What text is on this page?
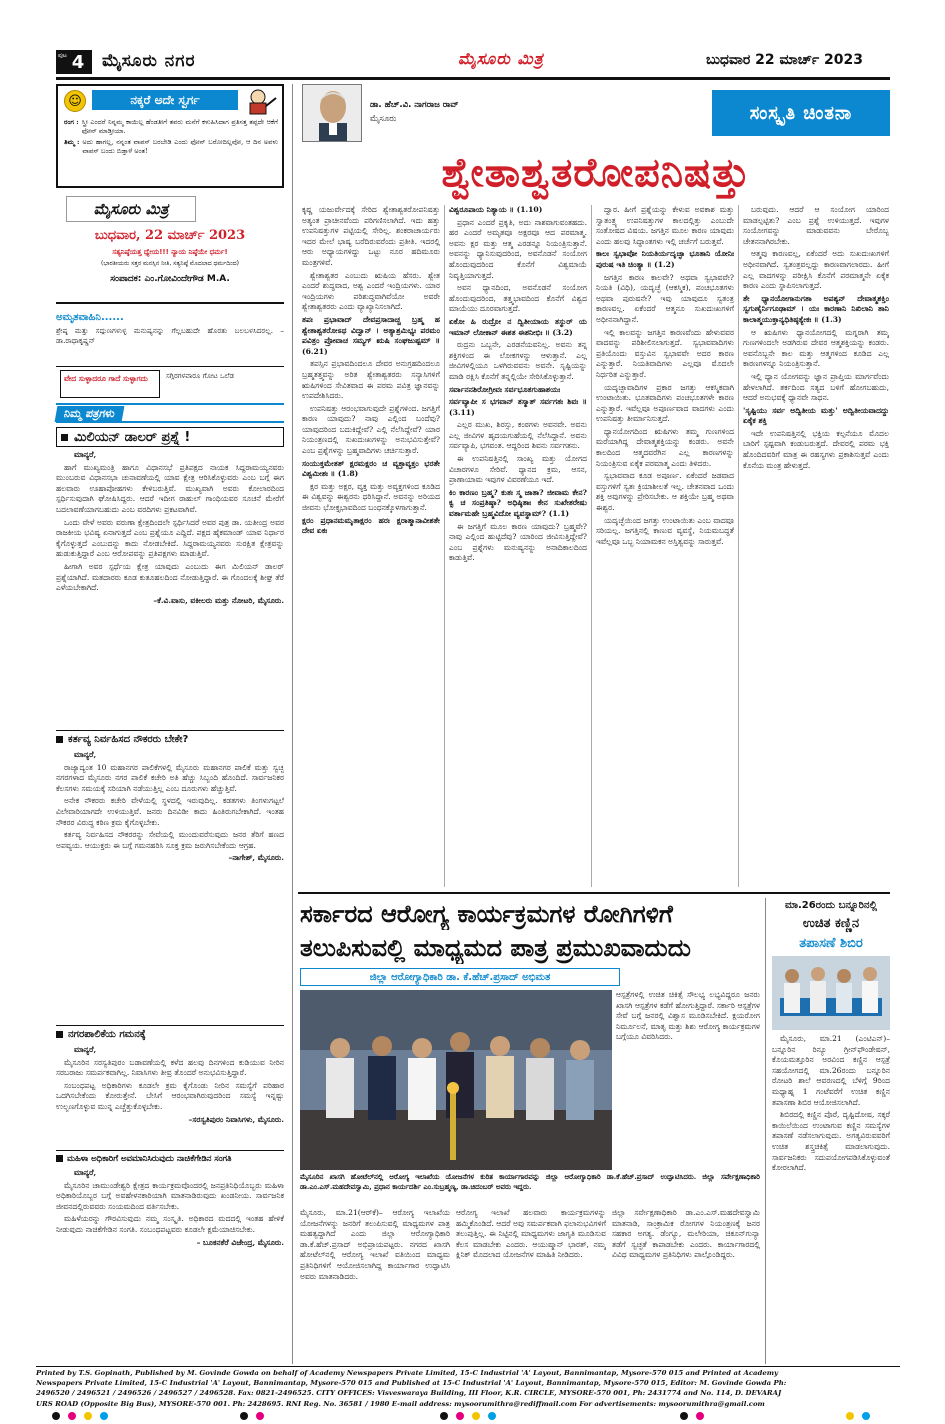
ಪುಟ 4 ಮೈಸೂರು ನಗರ	ಮೈಸೂರು ಮಿತ್ರ	ಬುಧವಾರ 22 ಮಾರ್ಚ್ 2023
☺	ನಕ್ಕರೆ ಅದೇ ಸ್ವರ್ಗ
ರಂಗ : ಸ್ತ್ರೀ ಎಂದರೆ ನಿನ್ನಮ್ಮ ಕಾಯಿಲ್ಲ ಹೆಂಡತೀಗೆ ತವರು ಮನೆಗೆ ಕಳುಹಿಸಿದಾಗ ಪ್ರತಿಸತ್ತ ತಪ್ಪದೇ ಆಕೆಗೆ ಫೋನ್ ಮಾಡ್ತೀಯಾ.
ತಿಮ್ಮ : ಅದು ಹಾಗಲ್ಲ, ನನ್ನಂತ ವಾಪಸ್ ಬರಬೇಡಿ ಎಂದು ಫೋನ್ ಬರೋದಿಲ್ಲವೋ, ಆ ದಿನ ಅವಳು ವಾಪಸ್ ಬಂದು ಬಿಡ್ತಾಳೆ ಅಂತ!
ಮೈಸೂರು ಮಿತ್ರ
ಬುಧವಾರ, 22 ಮಾರ್ಚ್ 2023
ಸತ್ಯನಿಷ್ಠೆಯತ್ತ ಧ್ಯೇಯ!!! ನ್ಯಾಯ ನಿಷ್ಠೆಯೇ ಧರ್ಮ!
(ಭಾರತೀಯರು ಸತ್ತರ ಮನಸ್ಸಿನ ನೀತಿ, ಸತ್ಯನಿಷ್ಠೆ ಮೊದಲಾದ ಧರ್ಮದಿಂದ)
ಸಂಪಾದಕ: ಎಂ.ಗೋವಿಂದೇಗೌಡ M.A.
ಅಮೃತವಾಹಿನಿ......
ಶ್ರೇಷ್ಠ ಮತ್ತು ಸದ್ಗುಣಗಳುಳ್ಳ ಮನುಷ್ಯನನ್ನು ಗೆಲ್ಲಬಹುದೇ ಹೊರತು ಬಲಬಳಸಿದರಲ್ಲ. –ಡಾ.ರಾಧಾಕೃಷ್ಣನ್
ವೇದ ಸುಳ್ಳಾದರೂ ಗಾದೆ ಸುಳ್ಳಾಗದು	ಸಗ್ಗಿರಗಳವಾರೂ ಗೋಟ ಒಲೆಡ
ನಿಮ್ಮ ಪತ್ರಗಳು
ಮಿಲಿಯನ್ ಡಾಲರ್ ಪ್ರಶ್ನೆ !

ಮಾನ್ಯರೆ,

ಹಾಗೆ ಮುಖ್ಯಮಂತ್ರಿ ಹಾಗೂ ವಿಧಾನಸಭೆ ಪ್ರತಿಪಕ್ಷದ ನಾಯಕ ಸಿದ್ದರಾಮಯ್ಯನವರು ಮುಂಬರುವ ವಿಧಾನಸಭಾ ಚುನಾವಣೆಯಲ್ಲಿ ಯಾವ ಕ್ಷೇತ್ರ ಆರಿಸಿಕೊಳ್ಳುವರು ಎಂಬ ಬಗ್ಗೆ ಈಗ ಹಲವಾರು ಊಹಾಪೋಹಗಳು ಕೇಳಿಬರುತ್ತಿವೆ. ಮುಖ್ಯವಾಗಿ ಅವರು ಕೋಲಾರದಿಂದ ಸ್ಪರ್ಧಿಸುವುದಾಗಿ ಘೋಷಿಸಿದ್ದರು. ಆದರೆ ಇದೀಗ ರಾಹುಲ್ ಗಾಂಧಿಯವರ ಸೂಚನೆ ಮೇರೆಗೆ ಬದಲಾವಣೆಯಾಗಬಹುದು ಎಂಬ ವರದಿಗಳು ಪ್ರಕಟವಾಗಿವೆ.

ಒಂದು ವೇಳೆ ಅವರು ವರುಣಾ ಕ್ಷೇತ್ರದಿಂದಲೇ ಸ್ಪರ್ಧಿಸಿದರೆ ಅವರ ಪುತ್ರ ಡಾ. ಯತೀಂದ್ರ ಅವರ ರಾಜಕೀಯ ಭವಿಷ್ಯ ಏನಾಗುತ್ತದೆ ಎಂಬ ಪ್ರಶ್ನೆಯೂ ಎದ್ದಿದೆ. ಪಕ್ಷದ ಹೈಕಮಾಂಡ್ ಯಾವ ನಿರ್ಧಾರ ಕೈಗೊಳ್ಳುತ್ತದೆ ಎಂಬುದನ್ನು ಕಾದು ನೋಡಬೇಕಿದೆ. ಸಿದ್ದರಾಮಯ್ಯನವರು ಸುರಕ್ಷಿತ ಕ್ಷೇತ್ರವನ್ನು ಹುಡುಕುತ್ತಿದ್ದಾರೆ ಎಂಬ ಆರೋಪವನ್ನು ಪ್ರತಿಪಕ್ಷಗಳು ಮಾಡುತ್ತಿವೆ.

ಹೀಗಾಗಿ ಅವರ ಸ್ಪರ್ಧೆಯ ಕ್ಷೇತ್ರ ಯಾವುದು ಎಂಬುದು ಈಗ ಮಿಲಿಯನ್ ಡಾಲರ್ ಪ್ರಶ್ನೆಯಾಗಿದೆ. ಮತದಾರರು ಕೂಡ ಕುತೂಹಲದಿಂದ ನೋಡುತ್ತಿದ್ದಾರೆ. ಈ ಗೊಂದಲಕ್ಕೆ ಶೀಘ್ರ ತೆರೆ ಎಳೆಯಬೇಕಾಗಿದೆ.

–ಕೆ.ವಿ.ವಾಸು, ವಕೀಲರು ಮತ್ತು ನೋಟರಿ, ಮೈಸೂರು.

ಕರ್ತವ್ಯ ನಿರ್ವಹಿಸದ ನೌಕರರು ಬೇಕೇ?

ಮಾನ್ಯರೆ,

ರಾಜ್ಯಾದ್ಯಂತ 10 ಮಹಾನಗರ ಪಾಲಿಕೆಗಳಲ್ಲಿ ಮೈಸೂರು ಮಹಾನಗರ ಪಾಲಿಕೆ ಮತ್ತು ಸ್ವಚ್ಛ ನಗರಗಳಾದ ಮೈಸೂರು ನಗರ ಪಾಲಿಕೆ ಕಚೇರಿ ಅತಿ ಹೆಚ್ಚು ಸಿಬ್ಬಂದಿ ಹೊಂದಿದೆ. ಸಾರ್ವಜನಿಕರ ಕೆಲಸಗಳು ಸಮಯಕ್ಕೆ ಸರಿಯಾಗಿ ನಡೆಯುತ್ತಿಲ್ಲ ಎಂಬ ದೂರುಗಳು ಹೆಚ್ಚುತ್ತಿವೆ.

ಅನೇಕ ನೌಕರರು ಕಚೇರಿ ವೇಳೆಯಲ್ಲಿ ಸ್ಥಳದಲ್ಲಿ ಇರುವುದಿಲ್ಲ. ಕಡತಗಳು ತಿಂಗಳುಗಟ್ಟಲೆ ವಿಲೇವಾರಿಯಾಗದೇ ಉಳಿಯುತ್ತಿವೆ. ಜನರು ದಿನವಿಡೀ ಕಾದು ಹಿಂತಿರುಗಬೇಕಾಗಿದೆ. ಇಂತಹ ನೌಕರರ ವಿರುದ್ಧ ಕಠಿಣ ಕ್ರಮ ಕೈಗೊಳ್ಳಬೇಕು.

ಕರ್ತವ್ಯ ನಿರ್ವಹಿಸದ ನೌಕರರನ್ನು ಸೇವೆಯಲ್ಲಿ ಮುಂದುವರೆಸುವುದು ಜನರ ತೆರಿಗೆ ಹಣದ ಅಪವ್ಯಯ. ಆಯುಕ್ತರು ಈ ಬಗ್ಗೆ ಗಮನಹರಿಸಿ ಸೂಕ್ತ ಕ್ರಮ ಜರುಗಿಸಬೇಕೆಂದು ಆಗ್ರಹ.

–ನಾಗೇಶ್, ಮೈಸೂರು.

ನಗರಪಾಲಿಕೆಯ ಗಮನಕ್ಕೆ

ಮಾನ್ಯರೆ,

ಮೈಸೂರಿನ ಸರಸ್ವತಿಪುರಂ ಬಡಾವಣೆಯಲ್ಲಿ ಕಳೆದ ಹಲವು ದಿನಗಳಿಂದ ಕುಡಿಯುವ ನೀರಿನ ಸರಬರಾಜು ಸಮರ್ಪಕವಾಗಿಲ್ಲ. ನಿವಾಸಿಗಳು ತೀವ್ರ ತೊಂದರೆ ಅನುಭವಿಸುತ್ತಿದ್ದಾರೆ.

ಸಂಬಂಧಪಟ್ಟ ಅಧಿಕಾರಿಗಳು ಕೂಡಲೇ ಕ್ರಮ ಕೈಗೊಂಡು ನೀರಿನ ಸಮಸ್ಯೆಗೆ ಪರಿಹಾರ ಒದಗಿಸಬೇಕೆಂದು ಕೋರುತ್ತೇನೆ. ಬೇಸಿಗೆ ಆರಂಭವಾಗಿರುವುದರಿಂದ ಸಮಸ್ಯೆ ಇನ್ನಷ್ಟು ಉಲ್ಬಣಗೊಳ್ಳುವ ಮುನ್ನ ಎಚ್ಚೆತ್ತುಕೊಳ್ಳಬೇಕು.

–ಸರಸ್ವತಿಪುರಂ ನಿವಾಸಿಗಳು, ಮೈಸೂರು.

ಮಹಿಳಾ ಅಧಿಕಾರಿಗೆ ಅವಮಾನಿಸಿರುವುದು ನಾಚಿಕೆಗೇಡಿನ ಸಂಗತಿ

ಮಾನ್ಯರೆ,

ಮೈಸೂರಿನ ಚಾಮುಂಡೇಶ್ವರಿ ಕ್ಷೇತ್ರದ ಕಾರ್ಯಕ್ರಮವೊಂದರಲ್ಲಿ ಜನಪ್ರತಿನಿಧಿಯೊಬ್ಬರು ಮಹಿಳಾ ಅಧಿಕಾರಿಯೊಬ್ಬರ ಬಗ್ಗೆ ಅವಹೇಳನಕಾರಿಯಾಗಿ ಮಾತನಾಡಿರುವುದು ಖಂಡನೀಯ. ಸಾರ್ವಜನಿಕ ಜೀವನದಲ್ಲಿರುವವರು ಸಂಯಮದಿಂದ ವರ್ತಿಸಬೇಕು.

ಮಹಿಳೆಯರನ್ನು ಗೌರವಿಸುವುದು ನಮ್ಮ ಸಂಸ್ಕೃತಿ. ಅಧಿಕಾರದ ಮದದಲ್ಲಿ ಇಂತಹ ಹೇಳಿಕೆ ನೀಡುವುದು ನಾಚಿಕೆಗೇಡಿನ ಸಂಗತಿ. ಸಂಬಂಧಪಟ್ಟವರು ಕೂಡಲೇ ಕ್ಷಮೆಯಾಚಿಸಬೇಕು.

– ಬೂಕನಕೆರೆ ವಿಜೇಂದ್ರ, ಮೈಸೂರು.

ಡಾ. ಹೆಚ್.ವಿ. ನಾಗರಾಜ ರಾವ್
ಮೈಸೂರು	ಸಂಸ್ಕೃತಿ ಚಿಂತನಾ
ಶ್ವೇತಾಶ್ವತರೋಪನಿಷತ್ತು

ಕೃಷ್ಣ ಯಜುರ್ವೇದಕ್ಕೆ ಸೇರಿದ ಶ್ವೇತಾಶ್ವತರೋಪನಿಷತ್ತು ಅತ್ಯಂತ ಪ್ರಾಚೀನವೆಂದು ಪರಿಗಣಿಸಲಾಗಿದೆ. ಇದು ಹತ್ತು ಉಪನಿಷತ್ತುಗಳ ಪಟ್ಟಿಯಲ್ಲಿ ಸೇರಿಲ್ಲ. ಶಂಕರಾಚಾರ್ಯರು ಇದರ ಮೇಲೆ ಭಾಷ್ಯ ಬರೆದಿರುವರೆಂದು ಪ್ರತೀತಿ. ಇದರಲ್ಲಿ ಆರು ಅಧ್ಯಾಯಗಳಿದ್ದು ಒಟ್ಟು ನೂರ ಹದಿಮೂರು ಮಂತ್ರಗಳಿವೆ.

ಶ್ವೇತಾಶ್ವತರ ಎಂಬುದು ಋಷಿಯ ಹೆಸರು. ಶ್ವೇತ ಎಂದರೆ ಶುದ್ಧವಾದ, ಅಶ್ವ ಎಂದರೆ ಇಂದ್ರಿಯಗಳು. ಯಾರ ಇಂದ್ರಿಯಗಳು ಪರಿಶುದ್ಧವಾಗಿವೆಯೋ ಅವರೇ ಶ್ವೇತಾಶ್ವತರರು ಎಂದು ವ್ಯಾಖ್ಯಾನಿಸಲಾಗಿದೆ.

ತಪಃ ಪ್ರಭಾವಾದ್ ದೇವಪ್ರಸಾದಾಚ್ಚ ಬ್ರಹ್ಮ ಹ ಶ್ವೇತಾಶ್ವತರೋಽಥ ವಿದ್ವಾನ್ । ಅತ್ಯಾಶ್ರಮಿಭ್ಯಃ ಪರಮಂ ಪವಿತ್ರಂ ಪ್ರೋವಾಚ ಸಮ್ಯಗ್ ಋಷಿ ಸಂಘಜುಷ್ಟಮ್ ॥ (6.21)

ತಪಸ್ಸಿನ ಪ್ರಭಾವದಿಂದಲೂ ದೇವರ ಅನುಗ್ರಹದಿಂದಲೂ ಬ್ರಹ್ಮತತ್ತ್ವವನ್ನು ಅರಿತ ಶ್ವೇತಾಶ್ವತರರು ಸನ್ಯಾಸಿಗಳಿಗೆ ಋಷಿಗಳಿಂದ ಸೇವಿತವಾದ ಈ ಪರಮ ಪವಿತ್ರ ಜ್ಞಾನವನ್ನು ಉಪದೇಶಿಸಿದರು.

ಉಪನಿಷತ್ತು ಆರಂಭವಾಗುವುದೇ ಪ್ರಶ್ನೆಗಳಿಂದ. ಜಗತ್ತಿಗೆ ಕಾರಣ ಯಾವುದು? ನಾವು ಎಲ್ಲಿಂದ ಬಂದೆವು? ಯಾವುದರಿಂದ ಬದುಕಿದ್ದೇವೆ? ಎಲ್ಲಿ ನೆಲೆಸಿದ್ದೇವೆ? ಯಾರ ನಿಯಂತ್ರಣದಲ್ಲಿ ಸುಖದುಃಖಗಳನ್ನು ಅನುಭವಿಸುತ್ತೇವೆ? ಎಂಬ ಪ್ರಶ್ನೆಗಳನ್ನು ಬ್ರಹ್ಮವಾದಿಗಳು ಚರ್ಚಿಸುತ್ತಾರೆ.

ಸಂಯುಕ್ತಮೇತತ್ ಕ್ಷರಮಕ್ಷರಂ ಚ ವ್ಯಕ್ತಾವ್ಯಕ್ತಂ ಭರತೇ ವಿಶ್ವಮೀಶಃ ॥ (1.8)

ಕ್ಷರ ಮತ್ತು ಅಕ್ಷರ, ವ್ಯಕ್ತ ಮತ್ತು ಅವ್ಯಕ್ತಗಳಿಂದ ಕೂಡಿದ ಈ ವಿಶ್ವವನ್ನು ಈಶ್ವರನು ಧರಿಸಿದ್ದಾನೆ. ಅವನನ್ನು ಅರಿಯದ ಜೀವನು ಭೋಕ್ತೃಭಾವದಿಂದ ಬಂಧನಕ್ಕೊಳಗಾಗುತ್ತಾನೆ.

ಕ್ಷರಂ ಪ್ರಧಾನಮಮೃತಾಕ್ಷರಂ ಹರಃ ಕ್ಷರಾತ್ಮಾನಾವೀಶತೇ ದೇವ ಏಕಃ

ವಿಶ್ವರೂಪಾಯ ನಿತ್ಯಾಯ ॥ (1.10)

ಪ್ರಧಾನ ಎಂದರೆ ಪ್ರಕೃತಿ, ಅದು ನಾಶವಾಗುವಂತಹದು. ಹರ ಎಂದರೆ ಅಮೃತವೂ ಅಕ್ಷರವೂ ಆದ ಪರಮಾತ್ಮ. ಅವನು ಕ್ಷರ ಮತ್ತು ಆತ್ಮ ಎರಡನ್ನೂ ನಿಯಂತ್ರಿಸುತ್ತಾನೆ. ಅವನನ್ನು ಧ್ಯಾನಿಸುವುದರಿಂದ, ಅವನೊಡನೆ ಸಂಯೋಗ ಹೊಂದುವುದರಿಂದ ಕೊನೆಗೆ ವಿಶ್ವಮಾಯೆ ನಿವೃತ್ತಿಯಾಗುತ್ತದೆ.

ಅವನ ಧ್ಯಾನದಿಂದ, ಅವನೊಡನೆ ಸಂಯೋಗ ಹೊಂದುವುದರಿಂದ, ತತ್ತ್ವಭಾವದಿಂದ ಕೊನೆಗೆ ವಿಶ್ವದ ಮಾಯೆಯು ದೂರವಾಗುತ್ತದೆ.

ಏಕೋ ಹಿ ರುದ್ರೋ ನ ದ್ವಿತೀಯಾಯ ತಸ್ಥುರ್ ಯ ಇಮಾನ್ ಲೋಕಾನ್ ಈಶತ ಈಶನೀಭಿಃ ॥ (3.2)

ರುದ್ರನು ಒಬ್ಬನೇ, ಎರಡನೆಯವನಿಲ್ಲ. ಅವನು ತನ್ನ ಶಕ್ತಿಗಳಿಂದ ಈ ಲೋಕಗಳನ್ನು ಆಳುತ್ತಾನೆ. ಎಲ್ಲ ಜೀವಿಗಳಲ್ಲಿಯೂ ಒಳಗಿರುವವನು ಅವನೇ. ಸೃಷ್ಟಿಯನ್ನು ಮಾಡಿ ರಕ್ಷಿಸಿ ಕೊನೆಗೆ ತನ್ನಲ್ಲಿಯೇ ಸೇರಿಸಿಕೊಳ್ಳುತ್ತಾನೆ.

ಸರ್ವಾನನಶಿರೋಗ್ರೀವಃ ಸರ್ವಭೂತಗುಹಾಶಯಃ

ಸರ್ವವ್ಯಾಪೀ ಸ ಭಗವಾನ್ ತಸ್ಮಾತ್ ಸರ್ವಗತಃ ಶಿವಃ ॥ (3.11)

ಎಲ್ಲರ ಮುಖ, ಶಿರಸ್ಸು, ಕಂಠಗಳು ಅವನವೇ. ಅವನು ಎಲ್ಲ ಜೀವಿಗಳ ಹೃದಯಗುಹೆಯಲ್ಲಿ ನೆಲೆಸಿದ್ದಾನೆ. ಅವನು ಸರ್ವವ್ಯಾಪಿ, ಭಗವಂತ. ಆದ್ದರಿಂದ ಶಿವನು ಸರ್ವಗತನು.

ಈ ಉಪನಿಷತ್ತಿನಲ್ಲಿ ಸಾಂಖ್ಯ ಮತ್ತು ಯೋಗದ ವಿಚಾರಗಳೂ ಸೇರಿವೆ. ಧ್ಯಾನದ ಕ್ರಮ, ಆಸನ, ಪ್ರಾಣಾಯಾಮ ಇವುಗಳ ವಿವರಣೆಯೂ ಇದೆ.

ಕಿಂ ಕಾರಣಂ ಬ್ರಹ್ಮ? ಕುತಃ ಸ್ಮ ಜಾತಾ? ಜೀವಾಮ ಕೇನ? ಕ್ವ ಚ ಸಂಪ್ರತಿಷ್ಠಾ? ಅಧಿಷ್ಠಿತಾಃ ಕೇನ ಸುಖೇತರೇಷು ವರ್ತಾಮಹೇ ಬ್ರಹ್ಮವಿದೋ ವ್ಯವಸ್ಥಾಮ್? (1.1)

ಈ ಜಗತ್ತಿಗೆ ಮೂಲ ಕಾರಣ ಯಾವುದು? ಬ್ರಹ್ಮವೇ? ನಾವು ಎಲ್ಲಿಂದ ಹುಟ್ಟಿದೆವು? ಯಾರಿಂದ ಜೀವಿಸುತ್ತಿದ್ದೇವೆ? ಎಂಬ ಪ್ರಶ್ನೆಗಳು ಮನುಷ್ಯನನ್ನು ಅನಾದಿಕಾಲದಿಂದ ಕಾಡುತ್ತಿವೆ.

ದ್ವಾರ. ಹೀಗೆ ಪ್ರಶ್ನೆಯನ್ನು ಕೇಳುವ ಅವಕಾಶ ಮತ್ತು ಸ್ವಾತಂತ್ರ್ಯ ಉಪನಿಷತ್ತುಗಳ ಕಾಲದಲ್ಲಿತ್ತು ಎಂಬುದೇ ಸಂತೋಷದ ವಿಷಯ. ಜಗತ್ತಿನ ಮೂಲ ಕಾರಣ ಯಾವುದು ಎಂದು ಹಲವು ಸಿದ್ಧಾಂತಗಳು ಇಲ್ಲಿ ಚರ್ಚೆಗೆ ಬರುತ್ತವೆ.

ಕಾಲಃ ಸ್ವಭಾವೋ ನಿಯತಿರ್ಯದೃಚ್ಛಾ ಭೂತಾನಿ ಯೋನಿಃ ಪುರುಷ ಇತಿ ಚಿಂತ್ಯಾ ॥ (1.2)

ಜಗತ್ತಿನ ಕಾರಣ ಕಾಲವೇ? ಅಥವಾ ಸ್ವಭಾವವೇ? ನಿಯತಿ (ವಿಧಿ), ಯದೃಚ್ಛೆ (ಆಕಸ್ಮಿಕ), ಪಂಚಭೂತಗಳು ಅಥವಾ ಪುರುಷನೇ? ಇವು ಯಾವುದೂ ಸ್ವತಂತ್ರ ಕಾರಣವಲ್ಲ. ಏಕೆಂದರೆ ಆತ್ಮನೂ ಸುಖದುಃಖಗಳಿಗೆ ಅಧೀನನಾಗಿದ್ದಾನೆ.

ಇಲ್ಲಿ ಕಾಲವನ್ನು ಜಗತ್ತಿನ ಕಾರಣವೆಂದು ಹೇಳುವವರ ವಾದವನ್ನು ಪರಿಶೀಲಿಸಲಾಗುತ್ತದೆ. ಸ್ವಭಾವವಾದಿಗಳು ಪ್ರತಿಯೊಂದು ವಸ್ತುವಿನ ಸ್ವಭಾವವೇ ಅದರ ಕಾರಣ ಎನ್ನುತ್ತಾರೆ. ನಿಯತಿವಾದಿಗಳು ಎಲ್ಲವೂ ಮೊದಲೇ ನಿರ್ಧರಿತ ಎನ್ನುತ್ತಾರೆ.

ಯದೃಚ್ಛಾವಾದಿಗಳ ಪ್ರಕಾರ ಜಗತ್ತು ಆಕಸ್ಮಿಕವಾಗಿ ಉಂಟಾಯಿತು. ಭೂತವಾದಿಗಳು ಪಂಚಭೂತಗಳೇ ಕಾರಣ ಎನ್ನುತ್ತಾರೆ. ಇವೆಲ್ಲವೂ ಅಪೂರ್ಣವಾದ ವಾದಗಳು ಎಂದು ಉಪನಿಷತ್ತು ತೀರ್ಮಾನಿಸುತ್ತದೆ.

ಧ್ಯಾನಯೋಗದಿಂದ ಋಷಿಗಳು ತಮ್ಮ ಗುಣಗಳಿಂದ ಮರೆಯಾಗಿದ್ದ ದೇವಾತ್ಮಶಕ್ತಿಯನ್ನು ಕಂಡರು. ಅವನೇ ಕಾಲದಿಂದ ಆತ್ಮದವರೆಗಿನ ಎಲ್ಲ ಕಾರಣಗಳನ್ನು ನಿಯಂತ್ರಿಸುವ ಏಕೈಕ ಪರಮಾತ್ಮ ಎಂದು ತಿಳಿದರು.

ಸ್ವಭಾವವಾದ ಕೂಡ ಅಪೂರ್ಣ. ಏಕೆಂದರೆ ಜಡವಾದ ವಸ್ತುಗಳಿಗೆ ಸ್ವತಃ ಕ್ರಿಯಾಶೀಲತೆ ಇಲ್ಲ. ಚೇತನವಾದ ಒಂದು ಶಕ್ತಿ ಅವುಗಳನ್ನು ಪ್ರೇರಿಸಬೇಕು. ಆ ಶಕ್ತಿಯೇ ಬ್ರಹ್ಮ ಅಥವಾ ಈಶ್ವರ.

ಯದೃಚ್ಛೆಯಿಂದ ಜಗತ್ತು ಉಂಟಾಯಿತು ಎಂಬ ವಾದವೂ ಸರಿಯಲ್ಲ. ಜಗತ್ತಿನಲ್ಲಿ ಕಾಣುವ ವ್ಯವಸ್ಥೆ, ನಿಯಮಬದ್ಧತೆ ಇವೆಲ್ಲವೂ ಒಬ್ಬ ನಿಯಾಮಕನ ಅಸ್ತಿತ್ವವನ್ನು ಸಾರುತ್ತವೆ.

ಬರುವುದು. ಆದರೆ ಆ ಸಂಯೋಗ ಯಾರಿಂದ ಮಾಡಲ್ಪಟ್ಟಿತು? ಎಂಬ ಪ್ರಶ್ನೆ ಉಳಿಯುತ್ತದೆ. ಇವುಗಳ ಸಂಯೋಗವನ್ನು ಮಾಡುವವನು ಬೇರೊಬ್ಬ ಚೇತನನಾಗಿರಬೇಕು.

ಆತ್ಮವು ಕಾರಣವಲ್ಲ, ಏಕೆಂದರೆ ಅದು ಸುಖದುಃಖಗಳಿಗೆ ಅಧೀನವಾಗಿದೆ. ಸ್ವತಂತ್ರವಲ್ಲದ್ದು ಕಾರಣವಾಗಲಾರದು. ಹೀಗೆ ಎಲ್ಲ ವಾದಗಳನ್ನು ಪರೀಕ್ಷಿಸಿ ಕೊನೆಗೆ ಪರಮಾತ್ಮನೇ ಏಕೈಕ ಕಾರಣ ಎಂದು ಸ್ಥಾಪಿಸಲಾಗುತ್ತದೆ.

ತೇ ಧ್ಯಾನಯೋಗಾನುಗತಾ ಅಪಶ್ಯನ್ ದೇವಾತ್ಮಶಕ್ತಿಂ ಸ್ವಗುಣೈರ್ನಿಗೂಢಾಮ್ । ಯಃ ಕಾರಣಾನಿ ನಿಖಿಲಾನಿ ತಾನಿ ಕಾಲಾತ್ಮಯುಕ್ತಾನ್ಯಧಿತಿಷ್ಠತ್ಯೇಕಃ ॥ (1.3)

ಆ ಋಷಿಗಳು ಧ್ಯಾನಯೋಗದಲ್ಲಿ ಮಗ್ನರಾಗಿ ತಮ್ಮ ಗುಣಗಳಿಂದಲೇ ಅಡಗಿರುವ ದೇವರ ಆತ್ಮಶಕ್ತಿಯನ್ನು ಕಂಡರು. ಅವನೊಬ್ಬನೇ ಕಾಲ ಮತ್ತು ಆತ್ಮಗಳಿಂದ ಕೂಡಿದ ಎಲ್ಲ ಕಾರಣಗಳನ್ನೂ ನಿಯಂತ್ರಿಸುತ್ತಾನೆ.

ಇಲ್ಲಿ ಧ್ಯಾನ ಯೋಗವನ್ನು ಜ್ಞಾನ ಪ್ರಾಪ್ತಿಯ ಮಾರ್ಗವೆಂದು ಹೇಳಲಾಗಿದೆ. ತರ್ಕದಿಂದ ಸತ್ಯದ ಬಳಿಗೆ ಹೋಗಬಹುದು, ಆದರೆ ಅನುಭವಕ್ಕೆ ಧ್ಯಾನವೇ ಸಾಧನ.

'ಸೃಷ್ಟಿಯು ಸರ್ವ ಅದ್ವಿತೀಯ ಮತ್ತು' ಅದ್ವಿತೀಯವಾದದ್ದು ಏಕೈಕ ಶಕ್ತಿ

ಇದೇ ಉಪನಿಷತ್ತಿನಲ್ಲಿ ಭಕ್ತಿಯ ಕಲ್ಪನೆಯೂ ಮೊದಲ ಬಾರಿಗೆ ಸ್ಪಷ್ಟವಾಗಿ ಕಂಡುಬರುತ್ತದೆ. ದೇವರಲ್ಲಿ ಪರಮ ಭಕ್ತಿ ಹೊಂದಿದವರಿಗೆ ಮಾತ್ರ ಈ ರಹಸ್ಯಗಳು ಪ್ರಕಾಶಿಸುತ್ತವೆ ಎಂದು ಕೊನೆಯ ಮಂತ್ರ ಹೇಳುತ್ತದೆ.

ಸರ್ಕಾರದ ಆರೋಗ್ಯ ಕಾರ್ಯಕ್ರಮಗಳ ರೋಗಿಗಳಿಗೆ
ತಲುಪಿಸುವಲ್ಲಿ ಮಾಧ್ಯಮದ ಪಾತ್ರ ಪ್ರಮುಖವಾದುದು
ಜಿಲ್ಲಾ ಆರೋಗ್ಯಾಧಿಕಾರಿ ಡಾ. ಕೆ.ಹೆಚ್.ಪ್ರಸಾದ್ ಅಭಿಮತ
ಮೈಸೂರಿನ ಖಾಸಗಿ ಹೋಟೆಲ್‌ನಲ್ಲಿ ಆರೋಗ್ಯ ಇಲಾಖೆಯ ಯೋಜನೆಗಳ ಕುರಿತ ಕಾರ್ಯಾಗಾರವನ್ನು ಜಿಲ್ಲಾ ಆರೋಗ್ಯಾಧಿಕಾರಿ ಡಾ.ಕೆ.ಹೆಚ್.ಪ್ರಸಾದ್ ಉದ್ಘಾಟಿಸಿದರು. ಜಿಲ್ಲಾ ಸರ್ವೇಕ್ಷಣಾಧಿಕಾರಿ ಡಾ.ಎಂ.ಎಸ್.ಮಹದೇವಸ್ವಾಮಿ, ಪ್ರಧಾನ ಕಾರ್ಯದರ್ಶಿ ಎಂ.ಸುಬ್ರಹ್ಮಣ್ಯ, ಡಾ.ಚಿದಂಬರ್ ಅವರು ಇದ್ದರು.
ಮೈಸೂರು, ಮಾ.21(ಆರ್‌ಕೆ)– ಆರೋಗ್ಯ ಇಲಾಖೆಯ ಯೋಜನೆಗಳನ್ನು ಜನರಿಗೆ ತಲುಪಿಸುವಲ್ಲಿ ಮಾಧ್ಯಮಗಳ ಪಾತ್ರ ಮಹತ್ವದ್ದಾಗಿದೆ ಎಂದು ಜಿಲ್ಲಾ ಆರೋಗ್ಯಾಧಿಕಾರಿ ಡಾ.ಕೆ.ಹೆಚ್.ಪ್ರಸಾದ್ ಅಭಿಪ್ರಾಯಪಟ್ಟರು. ನಗರದ ಖಾಸಗಿ ಹೋಟೆಲ್‌ನಲ್ಲಿ ಆರೋಗ್ಯ ಇಲಾಖೆ ವತಿಯಿಂದ ಮಾಧ್ಯಮ ಪ್ರತಿನಿಧಿಗಳಿಗೆ ಆಯೋಜಿಸಲಾಗಿದ್ದ ಕಾರ್ಯಾಗಾರ ಉದ್ಘಾಟಿಸಿ ಅವರು ಮಾತನಾಡಿದರು.
ಆರೋಗ್ಯ ಇಲಾಖೆ ಹಲವಾರು ಕಾರ್ಯಕ್ರಮಗಳನ್ನು ಹಮ್ಮಿಕೊಂಡಿದೆ. ಆದರೆ ಅವು ಸಮರ್ಪಕವಾಗಿ ಫಲಾನುಭವಿಗಳಿಗೆ ತಲುಪುತ್ತಿಲ್ಲ. ಈ ನಿಟ್ಟಿನಲ್ಲಿ ಮಾಧ್ಯಮಗಳು ಜಾಗೃತಿ ಮೂಡಿಸುವ ಕೆಲಸ ಮಾಡಬೇಕು ಎಂದರು. ಆಯುಷ್ಮಾನ್ ಭಾರತ್, ನಮ್ಮ ಕ್ಲಿನಿಕ್ ಮೊದಲಾದ ಯೋಜನೆಗಳ ಮಾಹಿತಿ ನೀಡಿದರು.
ಆಸ್ಪತ್ರೆಗಳಲ್ಲಿ ಉಚಿತ ಚಿಕಿತ್ಸೆ ಸೌಲಭ್ಯ ಲಭ್ಯವಿದ್ದರೂ ಜನರು ಖಾಸಗಿ ಆಸ್ಪತ್ರೆಗಳ ಕಡೆಗೆ ಹೋಗುತ್ತಿದ್ದಾರೆ. ಸರ್ಕಾರಿ ಆಸ್ಪತ್ರೆಗಳ ಸೇವೆ ಬಗ್ಗೆ ಜನರಲ್ಲಿ ವಿಶ್ವಾಸ ಮೂಡಿಸಬೇಕಿದೆ. ಕ್ಷಯರೋಗ ನಿರ್ಮೂಲನೆ, ಮಾತೃ ಮತ್ತು ಶಿಶು ಆರೋಗ್ಯ ಕಾರ್ಯಕ್ರಮಗಳ ಬಗ್ಗೆಯೂ ವಿವರಿಸಿದರು.
ಜಿಲ್ಲಾ ಸರ್ವೇಕ್ಷಣಾಧಿಕಾರಿ ಡಾ.ಎಂ.ಎಸ್.ಮಹದೇವಸ್ವಾಮಿ ಮಾತನಾಡಿ, ಸಾಂಕ್ರಾಮಿಕ ರೋಗಗಳ ನಿಯಂತ್ರಣಕ್ಕೆ ಜನರ ಸಹಕಾರ ಅಗತ್ಯ. ಡೆಂಗ್ಯೂ, ಮಲೇರಿಯಾ, ಚಿಕೂನ್‌ಗುನ್ಯಾ ತಡೆಗೆ ಸ್ವಚ್ಛತೆ ಕಾಪಾಡಬೇಕು ಎಂದರು. ಕಾರ್ಯಾಗಾರದಲ್ಲಿ ವಿವಿಧ ಮಾಧ್ಯಮಗಳ ಪ್ರತಿನಿಧಿಗಳು ಪಾಲ್ಗೊಂಡಿದ್ದರು.
ಮಾ.26ರಂದು ಬನ್ನೂರಿನಲ್ಲಿ
ಉಚಿತ ಕಣ್ಣಿನ
ತಪಾಸಣೆ ಶಿಬಿರ

ಮೈಸೂರು, ಮಾ.21 (ಎಂಟಿಎನ್)– ಬನ್ನೂರಿನ ರಿನ್ಯೂ ಗ್ರೀನ್‌ಫೌಂಡೇಷನ್, ಕೊಯಮತ್ತೂರಿನ ಅರವಿಂದ ಕಣ್ಣಿನ ಆಸ್ಪತ್ರೆ ಸಹಯೋಗದಲ್ಲಿ ಮಾ.26ರಂದು ಬನ್ನೂರಿನ ರೋಟರಿ ಶಾಲೆ ಆವರಣದಲ್ಲಿ ಬೆಳಿಗ್ಗೆ 9ರಿಂದ ಮಧ್ಯಾಹ್ನ 1 ಗಂಟೆವರೆಗೆ ಉಚಿತ ಕಣ್ಣಿನ ತಪಾಸಣಾ ಶಿಬಿರ ಆಯೋಜಿಸಲಾಗಿದೆ.

ಶಿಬಿರದಲ್ಲಿ ಕಣ್ಣಿನ ಪೊರೆ, ದೃಷ್ಟಿದೋಷ, ಸಕ್ಕರೆ ಕಾಯಿಲೆಯಿಂದ ಉಂಟಾಗುವ ಕಣ್ಣಿನ ಸಮಸ್ಯೆಗಳ ತಪಾಸಣೆ ನಡೆಸಲಾಗುವುದು. ಅಗತ್ಯವಿರುವವರಿಗೆ ಉಚಿತ ಶಸ್ತ್ರಚಿಕಿತ್ಸೆ ಮಾಡಲಾಗುವುದು. ಸಾರ್ವಜನಿಕರು ಸದುಪಯೋಗಪಡಿಸಿಕೊಳ್ಳುವಂತೆ ಕೋರಲಾಗಿದೆ.

Printed by T.S. Gopinath, Published by M. Govinde Gowda on behalf of Academy Newspapers Private Limited, 15-C Industrial 'A' Layout, Bannimantap, Mysore-570 015 and Printed at Academy
Newspapers Private Limited, 15-C Industrial 'A' Layout, Bannimantap, Mysore-570 015 and Published at 15-C Industrial 'A' Layout, Bannimantap, Mysore-570 015, Editor: M. Govinde Gowda Ph:
2496520 / 2496521 / 2496526 / 2496527 / 2496528. Fax: 0821-2496525. CITY OFFICES: Visveswaraya Building, III Floor, K.R. CIRCLE, MYSORE-570 001, Ph: 2431774 and No. 114, D. DEVARAJ
URS ROAD (Opposite Big Bus), MYSORE-570 001. Ph: 2428695. RNI Reg. No. 36581 / 1980 E-mail address: mysoorumithra@rediffmail.com For advertisements: mysoorumithra@gmail.com
